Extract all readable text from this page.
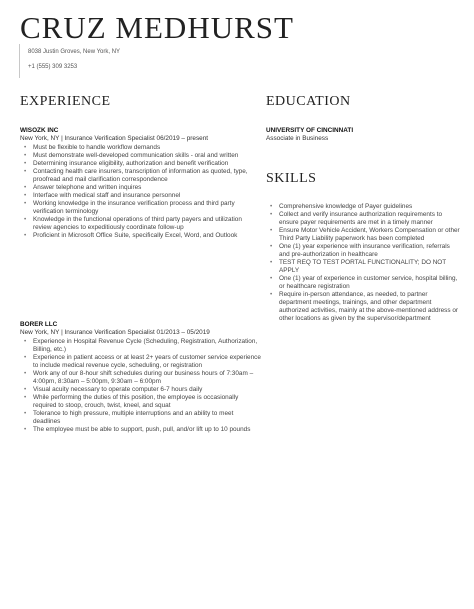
CRUZ MEDHURST

8038 Justin Groves, New York, NY

+1 (555) 309 3253

EXPERIENCE	EDUCATION
SKILLS

WISOZK INC

New York, NY | Insurance Verification Specialist 06/2019 – present

• Must be flexible to handle workflow demands
• Must demonstrate well-developed communication skills - oral and written
• Determining insurance eligibility, authorization and benefit verification
• Contacting health care insurers, transcription of information as quoted, type, proofread and mail clarification correspondence
• Answer telephone and written inquires
• Interface with medical staff and insurance personnel
• Working knowledge in the insurance verification process and third party verification terminology
• Knowledge in the functional operations of third party payers and utilization review agencies to expeditiously coordinate follow-up
• Proficient in Microsoft Office Suite, specifically Excel, Word, and Outlook

BORER LLC

New York, NY | Insurance Verification Specialist 01/2013 – 05/2019

• Experience in Hospital Revenue Cycle (Scheduling, Registration, Authorization, Billing, etc.)
• Experience in patient access or at least 2+ years of customer service experience to include medical revenue cycle, scheduling, or registration
• Work any of our 8-hour shift schedules during our business hours of 7:30am – 4:00pm, 8:30am – 5:00pm, 9:30am – 6:00pm
• Visual acuity necessary to operate computer 6-7 hours daily
• While performing the duties of this position, the employee is occasionally required to stoop, crouch, twist, kneel, and squat
• Tolerance to high pressure, multiple interruptions and an ability to meet deadlines
• The employee must be able to support, push, pull, and/or lift up to 10 pounds

UNIVERSITY OF CINCINNATI

Associate in Business

• Comprehensive knowledge of Payer guidelines
• Collect and verify insurance authorization requirements to ensure payer requirements are met in a timely manner
• Ensure Motor Vehicle Accident, Workers Compensation or other Third Party Liability paperwork has been completed
• One (1) year experience with insurance verification, referrals and pre-authorization in healthcare
• TEST REQ TO TEST PORTAL FUNCTIONALITY; DO NOT APPLY
• One (1) year of experience in customer service, hospital billing, or healthcare registration
• Require in-person attendance, as needed, to partner department meetings, trainings, and other department authorized activities, mainly at the above-mentioned address or other locations as given by the supervisor/department
